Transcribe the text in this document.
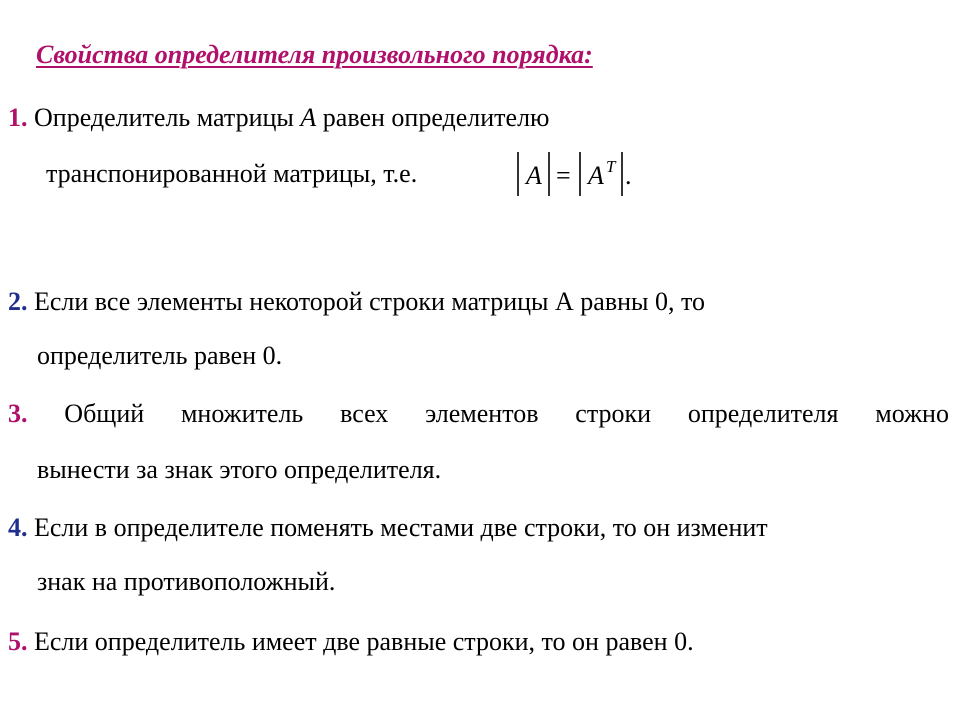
Свойства определителя произвольного порядка:
1. Определитель матрицы A равен определителю
транспонированной матрицы, т.е.	A = A T .
2. Если все элементы некоторой строки матрицы А равны 0, то
определитель равен 0.
3. Общий множитель всех элементов строки определителя можно
вынести за знак этого определителя.
4. Если в определителе поменять местами две строки, то он изменит
знак на противоположный.
5. Если определитель имеет две равные строки, то он равен 0.
